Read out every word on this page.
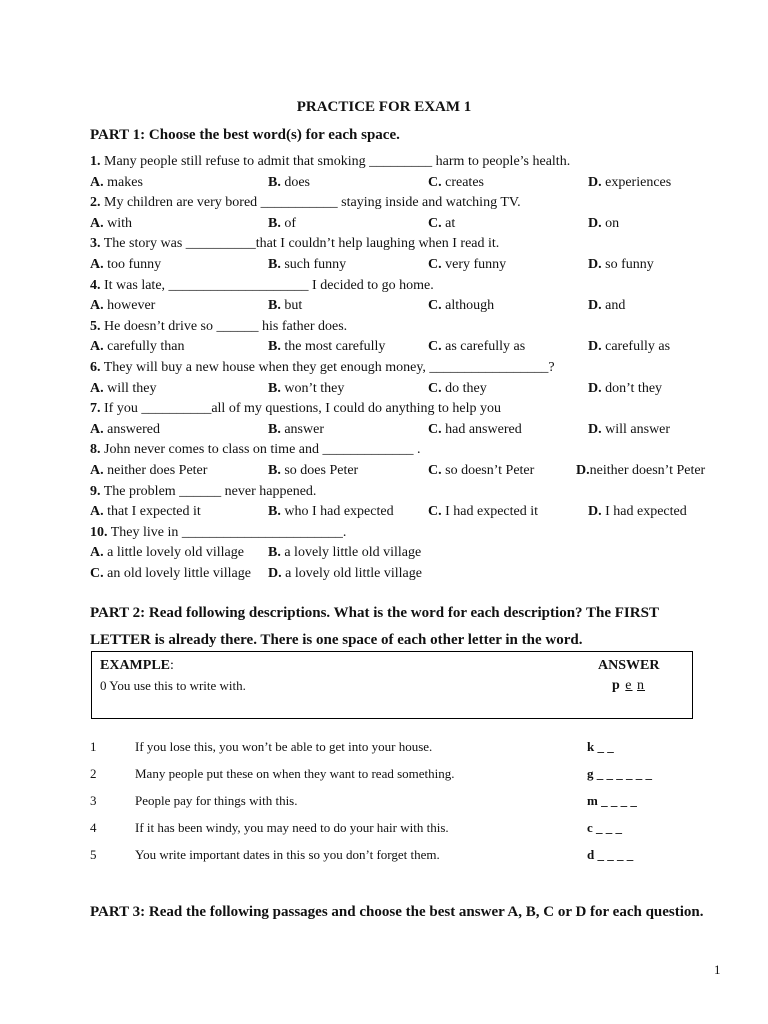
PRACTICE FOR EXAM 1
PART 1: Choose the best word(s) for each space.
1. Many people still refuse to admit that smoking _________ harm to people’s health.
A. makes	B. does	C. creates	D. experiences
2. My children are very bored ___________ staying inside and watching TV.
A. with	B. of	C. at	D. on
3. The story was __________that I couldn’t help laughing when I read it.
A. too funny	B. such funny	C. very funny	D. so funny
4. It was late, ____________________ I decided to go home.
A. however	B. but	C. although	D. and
5. He doesn’t drive so ______ his father does.
A. carefully than	B. the most carefully	C. as carefully as	D. carefully as
6. They will buy a new house when they get enough money, _________________?
A. will they	B. won’t they	C. do they	D. don’t they
7. If you __________all of my questions, I could do anything to help you
A. answered	B. answer	C. had answered	D. will answer
8. John never comes to class on time and _____________ .
A. neither does Peter	B. so does Peter	C. so doesn’t Peter	D.neither doesn’t Peter
9. The problem ______ never happened.
A. that I expected it	B. who I had expected C. I had expected it	D. I had expected
10. They live in _______________________.
A. a little lovely old village B. a lovely little old village
C. an old lovely little village D. a lovely old little village
PART 2: Read following descriptions. What is the word for each description? The FIRST
LETTER is already there. There is one space of each other letter in the word.
EXAMPLE:	ANSWER
0 You use this to write with.	p e n
1	If you lose this, you won’t be able to get into your house.	k _ _
2	Many people put these on when they want to read something.	g _ _ _ _ _ _
3	People pay for things with this.	m _ _ _ _
4	If it has been windy, you may need to do your hair with this.	c _ _ _
5	You write important dates in this so you don’t forget them.	d _ _ _ _
PART 3: Read the following passages and choose the best answer A, B, C or D for each question.
1
